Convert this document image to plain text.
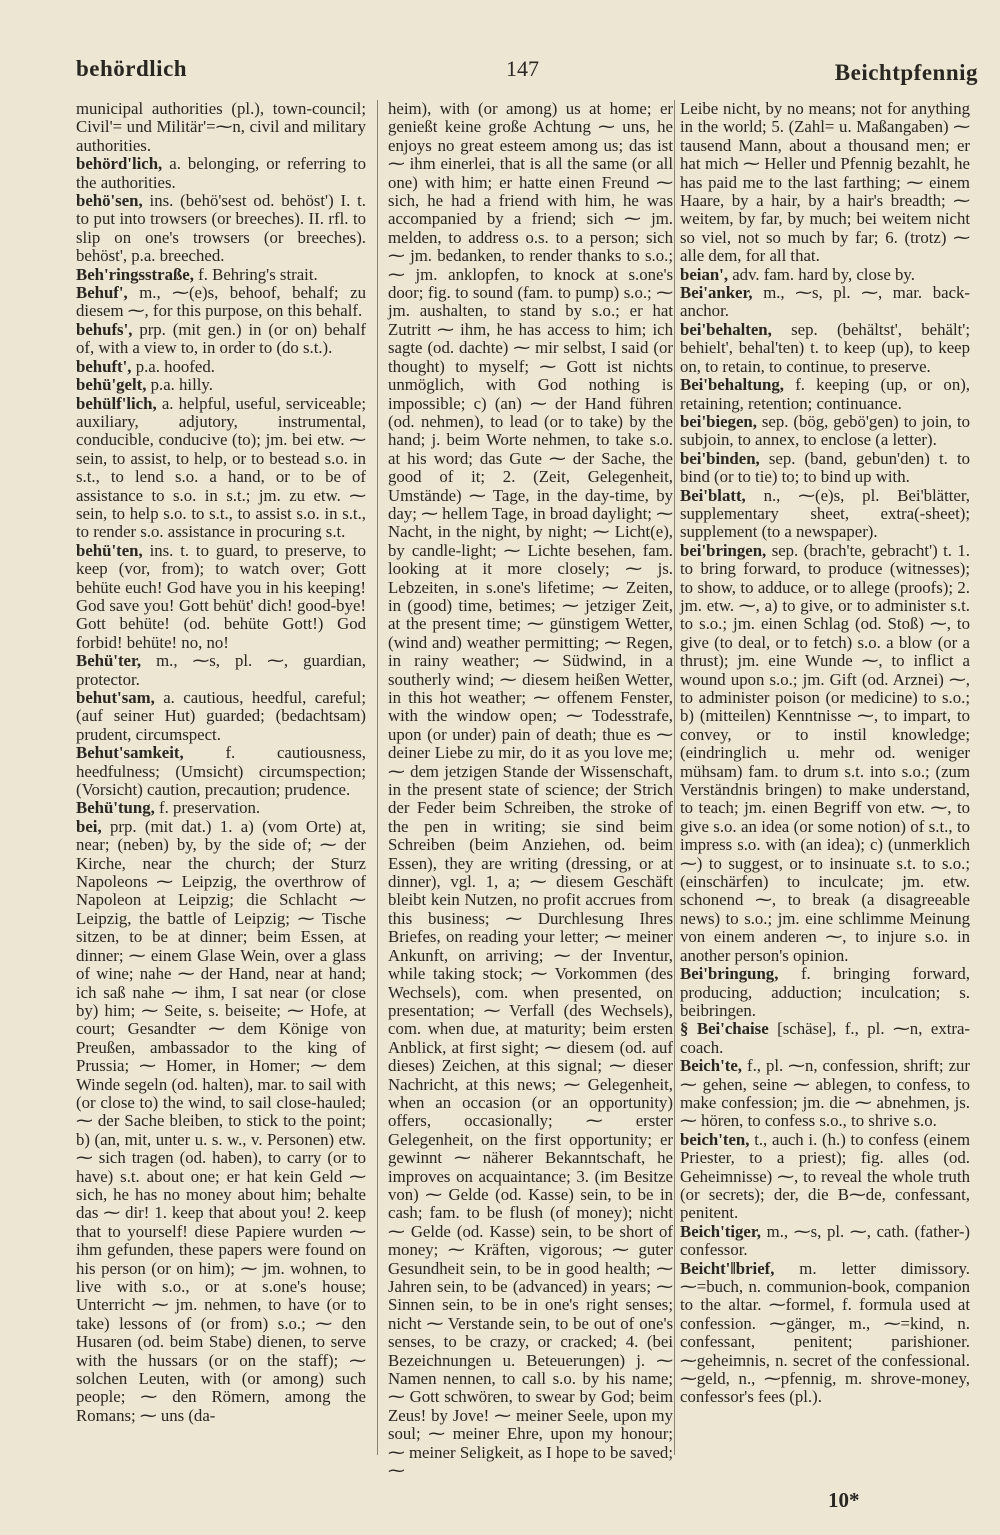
behördlich	147	Beichtpfennig

municipal authorities (pl.), town-council; Civil'= und Militär'=⁓n, civil and military authorities.

behörd'lich, a. belonging, or referring to the authorities.

behö'sen, ins. (behö'sest od. behöst') I. t. to put into trowsers (or breeches). II. rfl. to slip on one's trowsers (or breeches). behöst', p.a. breeched.

Beh'ringsstraße, f. Behring's strait.

Behuf', m., ⁓(e)s, behoof, behalf; zu diesem ⁓, for this purpose, on this behalf.

behufs', prp. (mit gen.) in (or on) behalf of, with a view to, in order to (do s.t.).

behuft', p.a. hoofed.

behü'gelt, p.a. hilly.

behülf'lich, a. helpful, useful, serviceable; auxiliary, adjutory, instrumental, conducible, conducive (to); jm. bei etw. ⁓ sein, to assist, to help, or to bestead s.o. in s.t., to lend s.o. a hand, or to be of assistance to s.o. in s.t.; jm. zu etw. ⁓ sein, to help s.o. to s.t., to assist s.o. in s.t., to render s.o. assistance in procuring s.t.

behü'ten, ins. t. to guard, to preserve, to keep (vor, from); to watch over; Gott behüte euch! God have you in his keeping! God save you! Gott behüt' dich! good-bye! Gott behüte! (od. behüte Gott!) God forbid! behüte! no, no!

Behü'ter, m., ⁓s, pl. ⁓, guardian, protector.

behut'sam, a. cautious, heedful, careful; (auf seiner Hut) guarded; (bedachtsam) prudent, circumspect.

Behut'samkeit, f. cautiousness, heedfulness; (Umsicht) circumspection; (Vorsicht) caution, precaution; prudence.

Behü'tung, f. preservation.

bei, prp. (mit dat.) 1. a) (vom Orte) at, near; (neben) by, by the side of; ⁓ der Kirche, near the church; der Sturz Napoleons ⁓ Leipzig, the overthrow of Napoleon at Leipzig; die Schlacht ⁓ Leipzig, the battle of Leipzig; ⁓ Tische sitzen, to be at dinner; beim Essen, at dinner; ⁓ einem Glase Wein, over a glass of wine; nahe ⁓ der Hand, near at hand; ich saß nahe ⁓ ihm, I sat near (or close by) him; ⁓ Seite, s. beiseite; ⁓ Hofe, at court; Gesandter ⁓ dem Könige von Preußen, ambassador to the king of Prussia; ⁓ Homer, in Homer; ⁓ dem Winde segeln (od. halten), mar. to sail with (or close to) the wind, to sail close-hauled; ⁓ der Sache bleiben, to stick to the point; b) (an, mit, unter u. s. w., v. Personen) etw. ⁓ sich tragen (od. haben), to carry (or to have) s.t. about one; er hat kein Geld ⁓ sich, he has no money about him; behalte das ⁓ dir! 1. keep that about you! 2. keep that to yourself! diese Papiere wurden ⁓ ihm gefunden, these papers were found on his person (or on him); ⁓ jm. wohnen, to live with s.o., or at s.one's house; Unterricht ⁓ jm. nehmen, to have (or to take) lessons of (or from) s.o.; ⁓ den Husaren (od. beim Stabe) dienen, to serve with the hussars (or on the staff); ⁓ solchen Leuten, with (or among) such people; ⁓ den Römern, among the Romans; ⁓ uns (da-

heim), with (or among) us at home; er genießt keine große Achtung ⁓ uns, he enjoys no great esteem among us; das ist ⁓ ihm einerlei, that is all the same (or all one) with him; er hatte einen Freund ⁓ sich, he had a friend with him, he was accompanied by a friend; sich ⁓ jm. melden, to address o.s. to a person; sich ⁓ jm. bedanken, to render thanks to s.o.; ⁓ jm. anklopfen, to knock at s.one's door; fig. to sound (fam. to pump) s.o.; ⁓ jm. aushalten, to stand by s.o.; er hat Zutritt ⁓ ihm, he has access to him; ich sagte (od. dachte) ⁓ mir selbst, I said (or thought) to myself; ⁓ Gott ist nichts unmöglich, with God nothing is impossible; c) (an) ⁓ der Hand führen (od. nehmen), to lead (or to take) by the hand; j. beim Worte nehmen, to take s.o. at his word; das Gute ⁓ der Sache, the good of it; 2. (Zeit, Gelegenheit, Umstände) ⁓ Tage, in the day-time, by day; ⁓ hellem Tage, in broad daylight; ⁓ Nacht, in the night, by night; ⁓ Licht(e), by candle-light; ⁓ Lichte besehen, fam. looking at it more closely; ⁓ js. Lebzeiten, in s.one's lifetime; ⁓ Zeiten, in (good) time, betimes; ⁓ jetziger Zeit, at the present time; ⁓ günstigem Wetter, (wind and) weather permitting; ⁓ Regen, in rainy weather; ⁓ Südwind, in a southerly wind; ⁓ diesem heißen Wetter, in this hot weather; ⁓ offenem Fenster, with the window open; ⁓ Todesstrafe, upon (or under) pain of death; thue es ⁓ deiner Liebe zu mir, do it as you love me; ⁓ dem jetzigen Stande der Wissenschaft, in the present state of science; der Strich der Feder beim Schreiben, the stroke of the pen in writing; sie sind beim Schreiben (beim Anziehen, od. beim Essen), they are writing (dressing, or at dinner), vgl. 1, a; ⁓ diesem Geschäft bleibt kein Nutzen, no profit accrues from this business; ⁓ Durchlesung Ihres Briefes, on reading your letter; ⁓ meiner Ankunft, on arriving; ⁓ der Inventur, while taking stock; ⁓ Vorkommen (des Wechsels), com. when presented, on presentation; ⁓ Verfall (des Wechsels), com. when due, at maturity; beim ersten Anblick, at first sight; ⁓ diesem (od. auf dieses) Zeichen, at this signal; ⁓ dieser Nachricht, at this news; ⁓ Gelegenheit, when an occasion (or an opportunity) offers, occasionally; ⁓ erster Gelegenheit, on the first opportunity; er gewinnt ⁓ näherer Bekanntschaft, he improves on acquaintance; 3. (im Besitze von) ⁓ Gelde (od. Kasse) sein, to be in cash; fam. to be flush (of money); nicht ⁓ Gelde (od. Kasse) sein, to be short of money; ⁓ Kräften, vigorous; ⁓ guter Gesundheit sein, to be in good health; ⁓ Jahren sein, to be (advanced) in years; ⁓ Sinnen sein, to be in one's right senses; nicht ⁓ Verstande sein, to be out of one's senses, to be crazy, or cracked; 4. (bei Bezeichnungen u. Beteuerungen) j. ⁓ Namen nennen, to call s.o. by his name; ⁓ Gott schwören, to swear by God; beim Zeus! by Jove! ⁓ meiner Seele, upon my soul; ⁓ meiner Ehre, upon my honour; ⁓ meiner Seligkeit, as I hope to be saved; ⁓

Leibe nicht, by no means; not for anything in the world; 5. (Zahl= u. Maßangaben) ⁓ tausend Mann, about a thousand men; er hat mich ⁓ Heller und Pfennig bezahlt, he has paid me to the last farthing; ⁓ einem Haare, by a hair, by a hair's breadth; ⁓ weitem, by far, by much; bei weitem nicht so viel, not so much by far; 6. (trotz) ⁓ alle dem, for all that.

beian', adv. fam. hard by, close by.

Bei'anker, m., ⁓s, pl. ⁓, mar. back-anchor.

bei'behalten, sep. (behältst', behält'; behielt', behal'ten) t. to keep (up), to keep on, to retain, to continue, to preserve.

Bei'behaltung, f. keeping (up, or on), retaining, retention; continuance.

bei'biegen, sep. (bög, gebö'gen) to join, to subjoin, to annex, to enclose (a letter).

bei'binden, sep. (band, gebun'den) t. to bind (or to tie) to; to bind up with.

Bei'blatt, n., ⁓(e)s, pl. Bei'blätter, supplementary sheet, extra(-sheet); supplement (to a newspaper).

bei'bringen, sep. (brach'te, gebracht') t. 1. to bring forward, to produce (witnesses); to show, to adduce, or to allege (proofs); 2. jm. etw. ⁓, a) to give, or to administer s.t. to s.o.; jm. einen Schlag (od. Stoß) ⁓, to give (to deal, or to fetch) s.o. a blow (or a thrust); jm. eine Wunde ⁓, to inflict a wound upon s.o.; jm. Gift (od. Arznei) ⁓, to administer poison (or medicine) to s.o.; b) (mitteilen) Kenntnisse ⁓, to impart, to convey, or to instil knowledge; (eindringlich u. mehr od. weniger mühsam) fam. to drum s.t. into s.o.; (zum Verständnis bringen) to make understand, to teach; jm. einen Begriff von etw. ⁓, to give s.o. an idea (or some notion) of s.t., to impress s.o. with (an idea); c) (unmerklich ⁓) to suggest, or to insinuate s.t. to s.o.; (einschärfen) to inculcate; jm. etw. schonend ⁓, to break (a disagreeable news) to s.o.; jm. eine schlimme Meinung von einem anderen ⁓, to injure s.o. in another person's opinion.

Bei'bringung, f. bringing forward, producing, adduction; inculcation; s. beibringen.

§ Bei'chaise [schäse], f., pl. ⁓n, extra-coach.

Beich'te, f., pl. ⁓n, confession, shrift; zur ⁓ gehen, seine ⁓ ablegen, to confess, to make confession; jm. die ⁓ abnehmen, js. ⁓ hören, to confess s.o., to shrive s.o.

beich'ten, t., auch i. (h.) to confess (einem Priester, to a priest); fig. alles (od. Geheimnisse) ⁓, to reveal the whole truth (or secrets); der, die B⁓de, confessant, penitent.

Beich'tiger, m., ⁓s, pl. ⁓, cath. (father-) confessor.

Beicht'‖brief, m. letter dimissory. ⁓=buch, n. communion-book, companion to the altar. ⁓formel, f. formula used at confession. ⁓gänger, m., ⁓=kind, n. confessant, penitent; parishioner. ⁓geheimnis, n. secret of the confessional. ⁓geld, n., ⁓pfennig, m. shrove-money, confessor's fees (pl.).

10*
